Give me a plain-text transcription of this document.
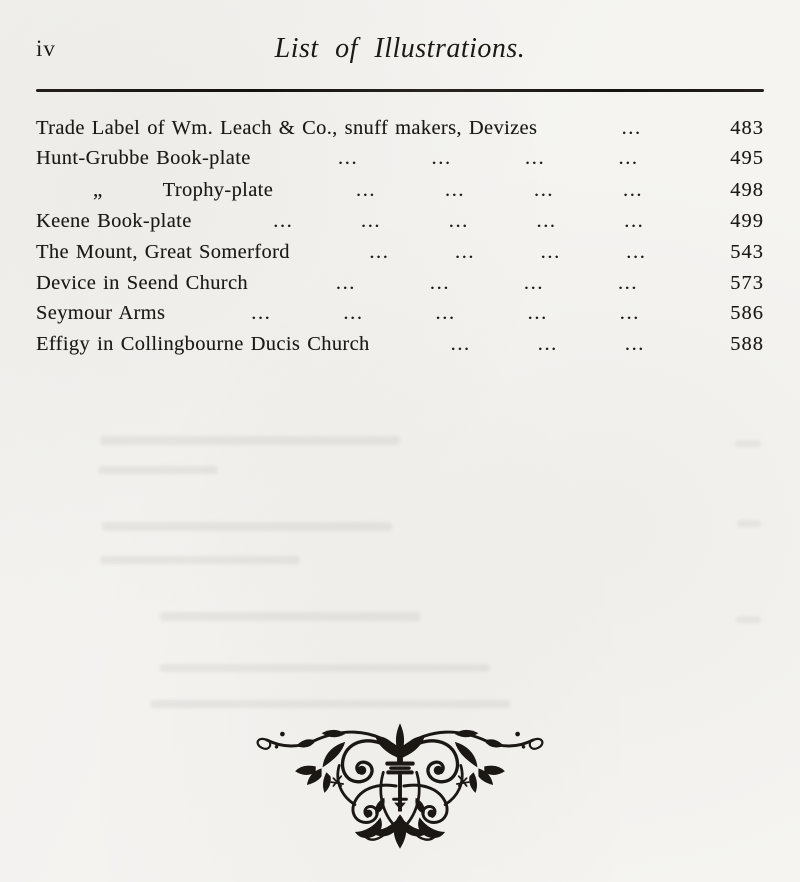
iv	List of Illustrations.
Trade Label of Wm. Leach & Co., snuff makers, Devizes	...	483
Hunt-Grubbe Book-plate	...	...	...	...	495
„	Trophy-plate	...	...	...	...	498
Keene Book-plate	...	...	...	...	...	499
The Mount, Great Somerford	...	...	...	...	543
Device in Seend Church	...	...	...	...	573
Seymour Arms	...	...	...	...	...	586
Effigy in Collingbourne Ducis Church	...	...	...	588
